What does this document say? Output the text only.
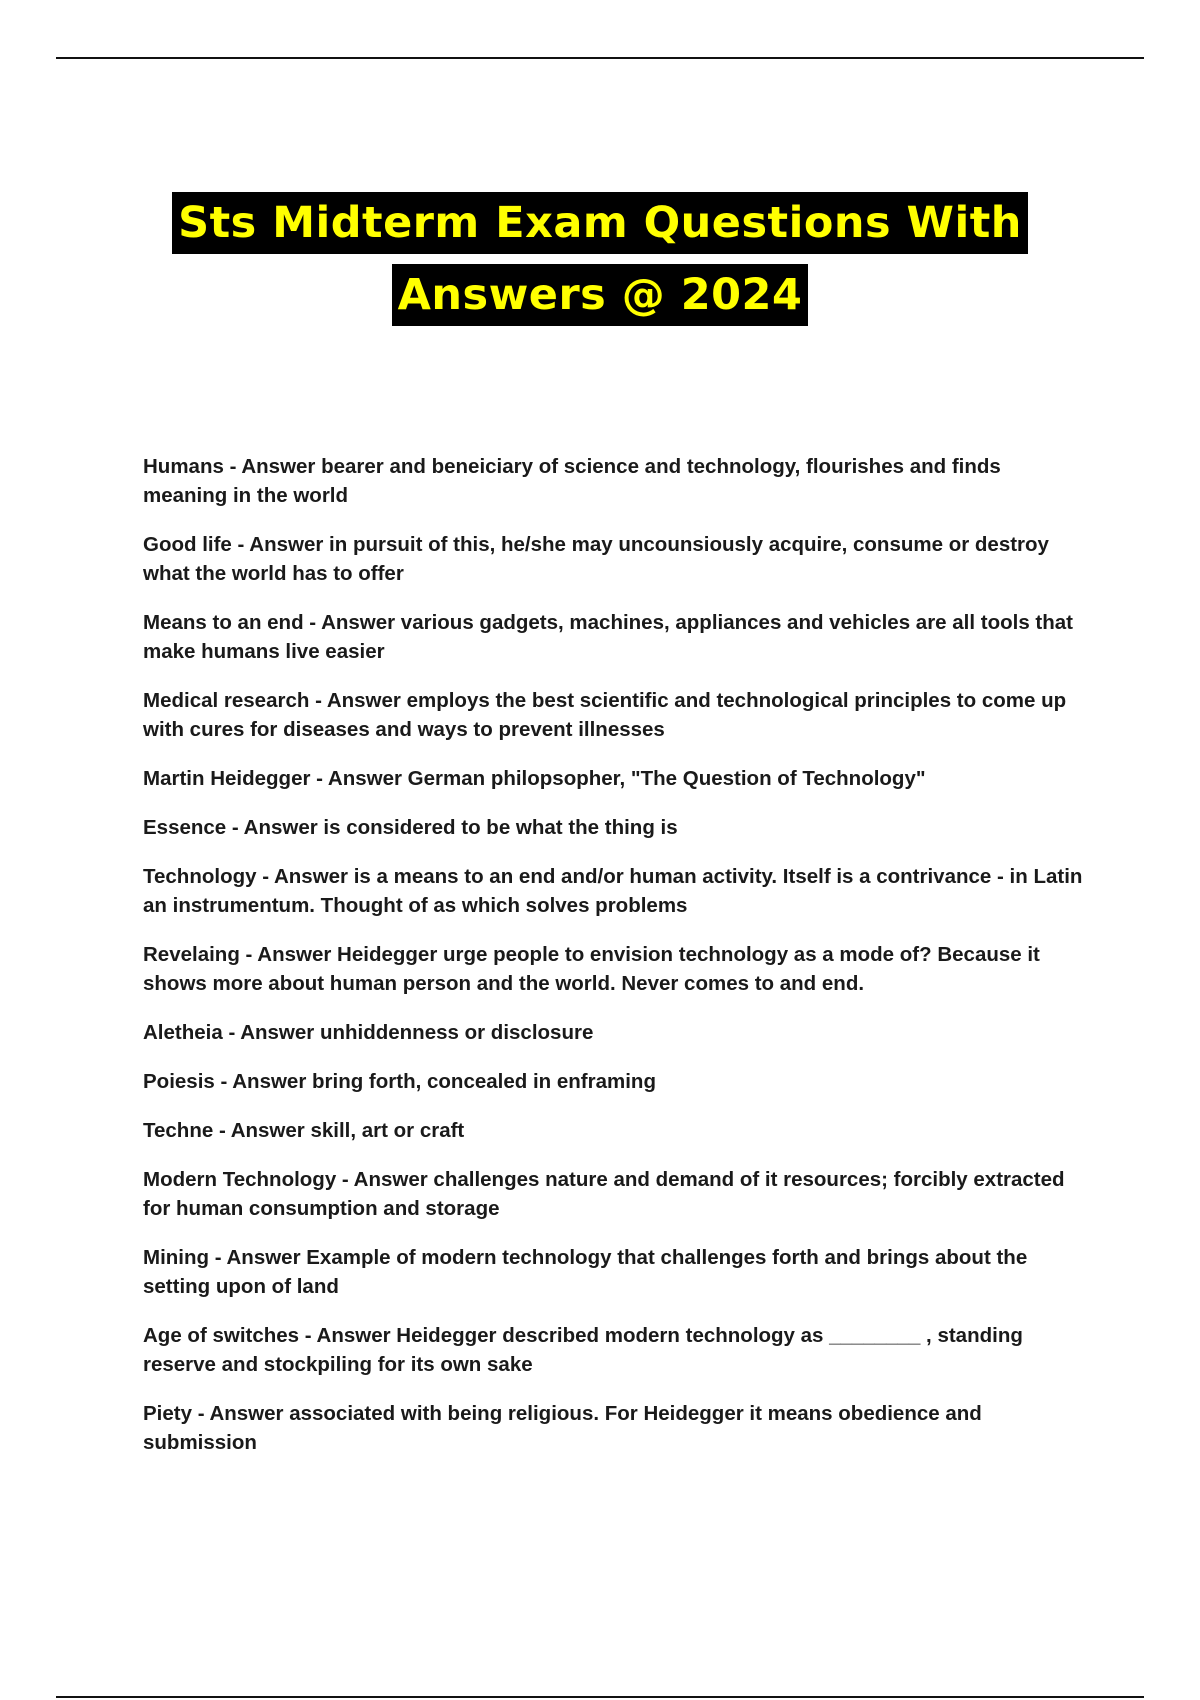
Sts Midterm Exam Questions With
Answers @ 2024
Humans - Answer bearer and beneiciary of science and technology, flourishes and finds meaning in the world
Good life - Answer in pursuit of this, he/she may uncounsiously acquire, consume or destroy what the world has to offer
Means to an end - Answer various gadgets, machines, appliances and vehicles are all tools that make humans live easier
Medical research - Answer employs the best scientific and technological principles to come up with cures for diseases and ways to prevent illnesses
Martin Heidegger - Answer German philopsopher, "The Question of Technology"
Essence - Answer is considered to be what the thing is
Technology - Answer is a means to an end and/or human activity. Itself is a contrivance - in Latin an instrumentum. Thought of as which solves problems
Revelaing - Answer Heidegger urge people to envision technology as a mode of? Because it shows more about human person and the world. Never comes to and end.
Aletheia - Answer unhiddenness or disclosure
Poiesis - Answer bring forth, concealed in enframing
Techne - Answer skill, art or craft
Modern Technology - Answer challenges nature and demand of it resources; forcibly extracted for human consumption and storage
Mining - Answer Example of modern technology that challenges forth and brings about the setting upon of land
Age of switches - Answer Heidegger described modern technology as ________ , standing reserve and stockpiling for its own sake
Piety - Answer associated with being religious. For Heidegger it means obedience and submission
